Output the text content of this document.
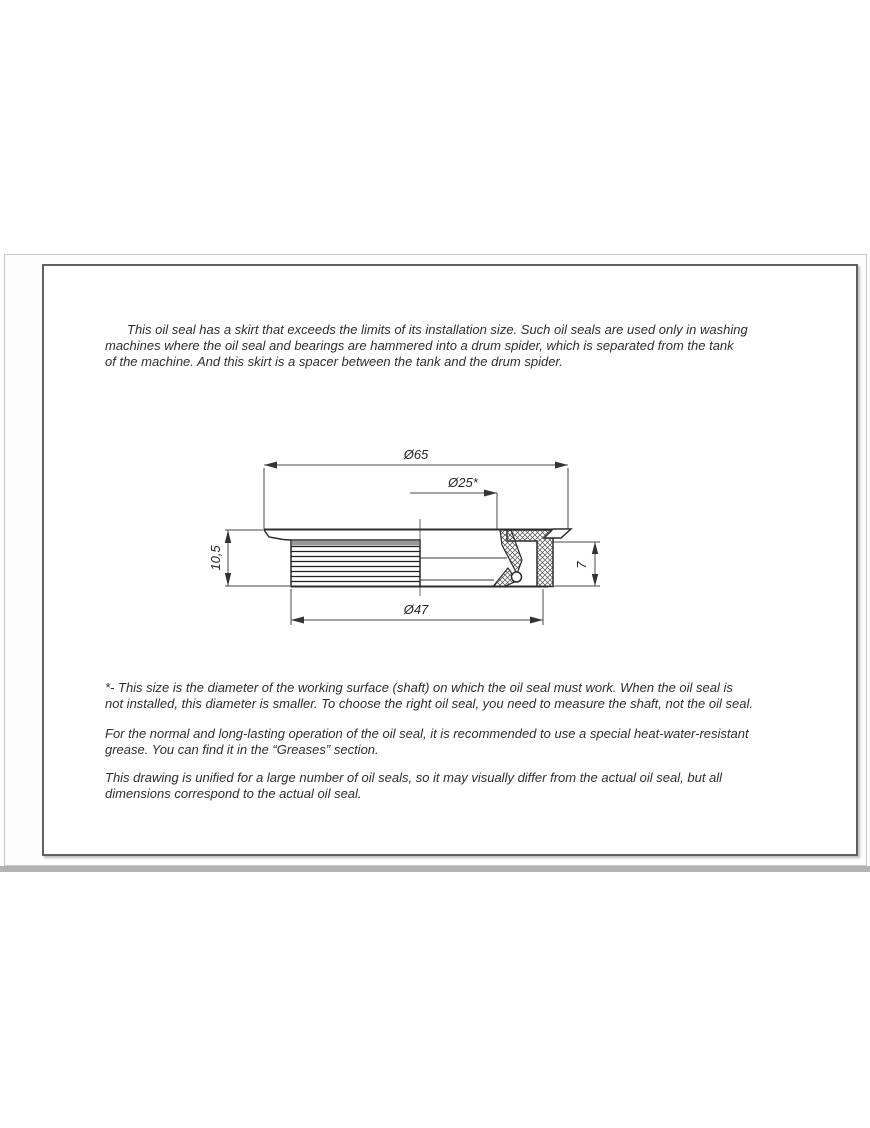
This oil seal has a skirt that exceeds the limits of its installation size. Such oil seals are used only in washing
machines where the oil seal and bearings are hammered into a drum spider, which is separated from the tank
of the machine. And this skirt is a spacer between the tank and the drum spider.
Ø65
Ø25*
Ø47
10,5	7
*- This size is the diameter of the working surface (shaft) on which the oil seal must work. When the oil seal is
not installed, this diameter is smaller. To choose the right oil seal, you need to measure the shaft, not the oil seal.
For the normal and long-lasting operation of the oil seal, it is recommended to use a special heat-water-resistant
grease. You can find it in the “Greases” section.
This drawing is unified for a large number of oil seals, so it may visually differ from the actual oil seal, but all
dimensions correspond to the actual oil seal.
